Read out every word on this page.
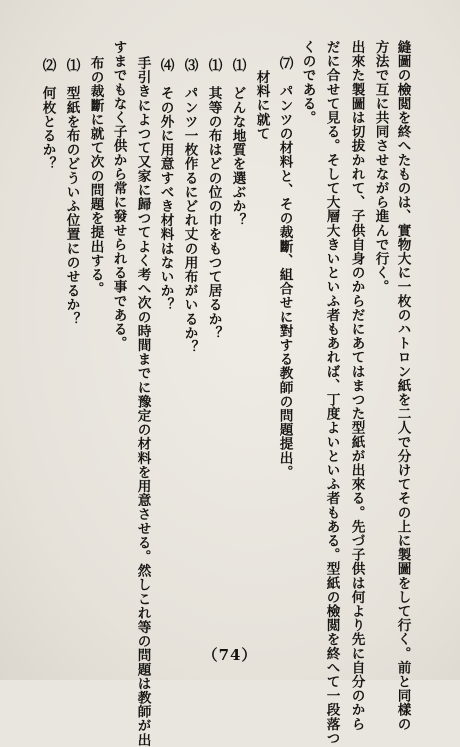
縫圖の檢閲を終へたものは、實物大に一枚のハトロン紙を二人で分けてその上に製圖をして行く。前と同樣の

方法で互に共同させながら進んで行く。

出來た製圖は切拔かれて、子供自身のからだにあてはまつた型紙が出來る。先づ子供は何より先に自分のから

だに合せて見る。そして大層大きいといふ者もあれば、丁度よいといふ者もある。型紙の檢閲を終へて一段落つ

くのである。

⑺　パンツの材料と、その裁斷、組合せに對する教師の問題提出。

材料に就て

⑴　どんな地質を選ぶか？

⑴　其等の布はどの位の巾をもつて居るか？

⑶　パンツ一枚作るにどれ丈の用布がいるか？

⑷　その外に用意すべき材料はないか？

手引きによつて又家に歸つてよく考へ次の時間までに豫定の材料を用意させる。然しこれ等の問題は教師が出

すまでもなく子供から常に發せられる事である。

布の裁斷に就て次の問題を提出する。

⑴　型紙を布のどういふ位置にのせるか？

⑵　何枚とるか？

（74）
